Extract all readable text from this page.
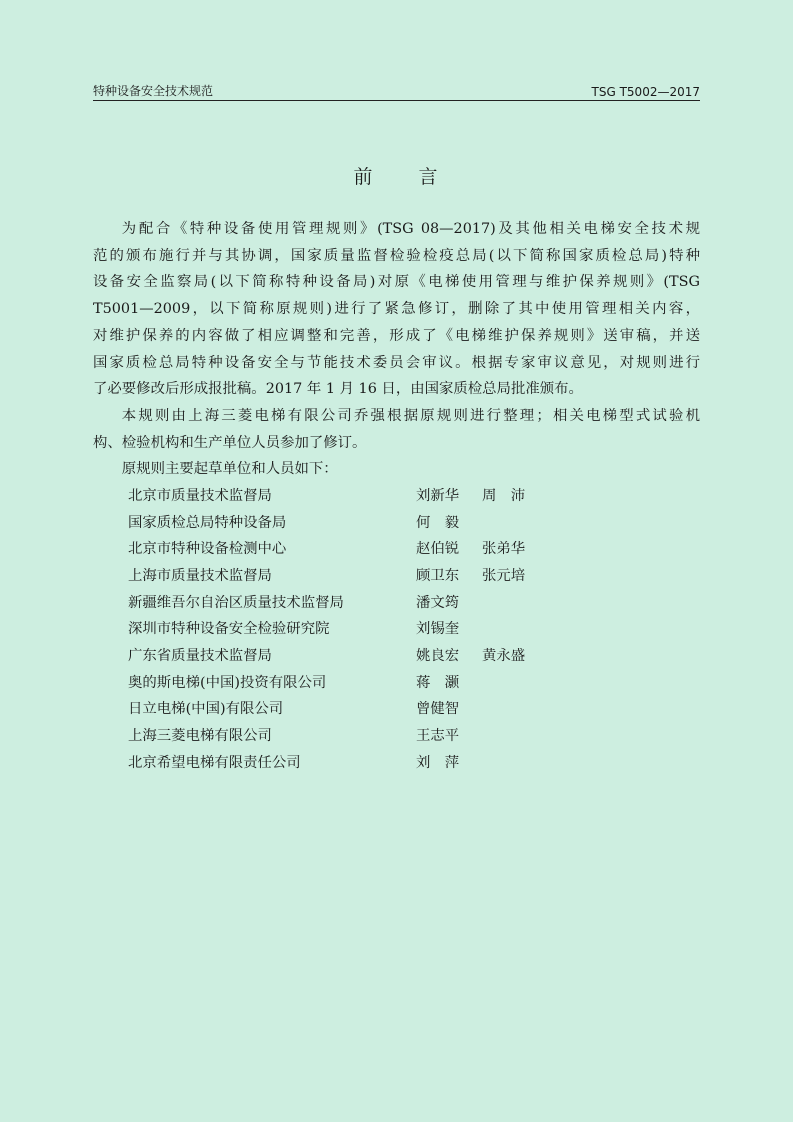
特种设备安全技术规范	TSG T5002—2017
前 言
为配合《特种设备使用管理规则》(TSG 08—2017)及其他相关电梯安全技术规
范的颁布施行并与其协调，国家质量监督检验检疫总局(以下简称国家质检总局)特种
设备安全监察局(以下简称特种设备局)对原《电梯使用管理与维护保养规则》(TSG
T5001—2009，以下简称原规则)进行了紧急修订，删除了其中使用管理相关内容，
对维护保养的内容做了相应调整和完善，形成了《电梯维护保养规则》送审稿，并送
国家质检总局特种设备安全与节能技术委员会审议。根据专家审议意见，对规则进行
了必要修改后形成报批稿。2017 年 1 月 16 日，由国家质检总局批准颁布。
本规则由上海三菱电梯有限公司乔强根据原规则进行整理；相关电梯型式试验机
构、检验机构和生产单位人员参加了修订。
原规则主要起草单位和人员如下：
北京市质量技术监督局	刘新华	周　沛
国家质检总局特种设备局	何　毅
北京市特种设备检测中心	赵伯锐	张弟华
上海市质量技术监督局	顾卫东	张元培
新疆维吾尔自治区质量技术监督局	潘文筠
深圳市特种设备安全检验研究院	刘锡奎
广东省质量技术监督局	姚良宏	黄永盛
奥的斯电梯(中国)投资有限公司	蒋　灏
日立电梯(中国)有限公司	曾健智
上海三菱电梯有限公司	王志平
北京希望电梯有限责任公司	刘　萍
